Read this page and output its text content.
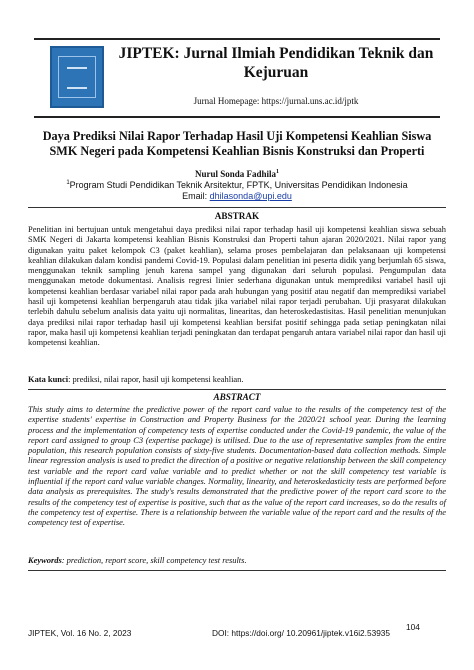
JIPTEK: Jurnal Ilmiah Pendidikan Teknik dan Kejuruan
Jurnal Homepage: https://jurnal.uns.ac.id/jptk
Daya Prediksi Nilai Rapor Terhadap Hasil Uji Kompetensi Keahlian Siswa SMK Negeri pada Kompetensi Keahlian Bisnis Konstruksi dan Properti
Nurul Sonda Fadhila$^1$
$^1$Program Studi Pendidikan Teknik Arsitektur, FPTK, Universitas Pendidikan Indonesia
Email: dhilasonda@upi.edu
ABSTRAK
Penelitian ini bertujuan untuk mengetahui daya prediksi nilai rapor terhadap hasil uji kompetensi keahlian siswa sebuah SMK Negeri di Jakarta kompetensi keahlian Bisnis Konstruksi dan Properti tahun ajaran 2020/2021. Nilai rapor yang digunakan yaitu paket kelompok C3 (paket keahlian), selama proses pembelajaran dan pelaksanaan uji kompetensi keahlian dilakukan dalam kondisi pandemi Covid-19. Populasi dalam penelitian ini peserta didik yang berjumlah 65 siswa, menggunakan teknik sampling jenuh karena sampel yang digunakan dari seluruh populasi. Pengumpulan data menggunakan metode dokumentasi. Analisis regresi linier sederhana digunakan untuk memprediksi variabel hasil uji kompetensi keahlian berdasar variabel nilai rapor pada arah hubungan yang positif atau negatif dan memprediksi variabel hasil uji kompetensi keahlian berpengaruh atau tidak jika variabel nilai rapor terjadi perubahan. Uji prasyarat dilakukan terlebih dahulu sebelum analisis data yaitu uji normalitas, linearitas, dan heteroskedastisitas. Hasil penelitian menunjukan daya prediksi nilai rapor terhadap hasil uji kompetensi keahlian bersifat positif sehingga pada setiap peningkatan nilai rapor, maka hasil uji kompetensi keahlian terjadi peningkatan dan terdapat pengaruh antara variabel nilai rapor dan hasil uji kompetensi keahlian.
Kata kunci: prediksi, nilai rapor, hasil uji kompetensi keahlian.
ABSTRACT
This study aims to determine the predictive power of the report card value to the results of the competency test of the expertise students' expertise in Construction and Property Business for the 2020/21 school year. During the learning process and the implementation of competency tests of expertise conducted under the Covid-19 pandemic, the value of the report card assigned to group C3 (expertise package) is utilised. Due to the use of representative samples from the entire population, this research population consists of sixty-five students. Documentation-based data collection methods. Simple linear regression analysis is used to predict the direction of a positive or negative relationship between the skill competency test variable and the report card value variable and to predict whether or not the skill competency test variable is influential if the report card value variable changes. Normality, linearity, and heteroskedasticity tests are performed before data analysis as prerequisites. The study's results demonstrated that the predictive power of the report card score to the results of the competency test of expertise is positive, such that as the value of the report card increases, so do the results of the competency test of expertise. There is a relationship between the variable value of the report card and the results of the competency test of expertise.
Keywords: prediction, report score, skill competency test results.
JIPTEK, Vol. 16 No. 2, 2023	DOI: https://doi.org/ 10.20961/jiptek.v16i2.53935
104
